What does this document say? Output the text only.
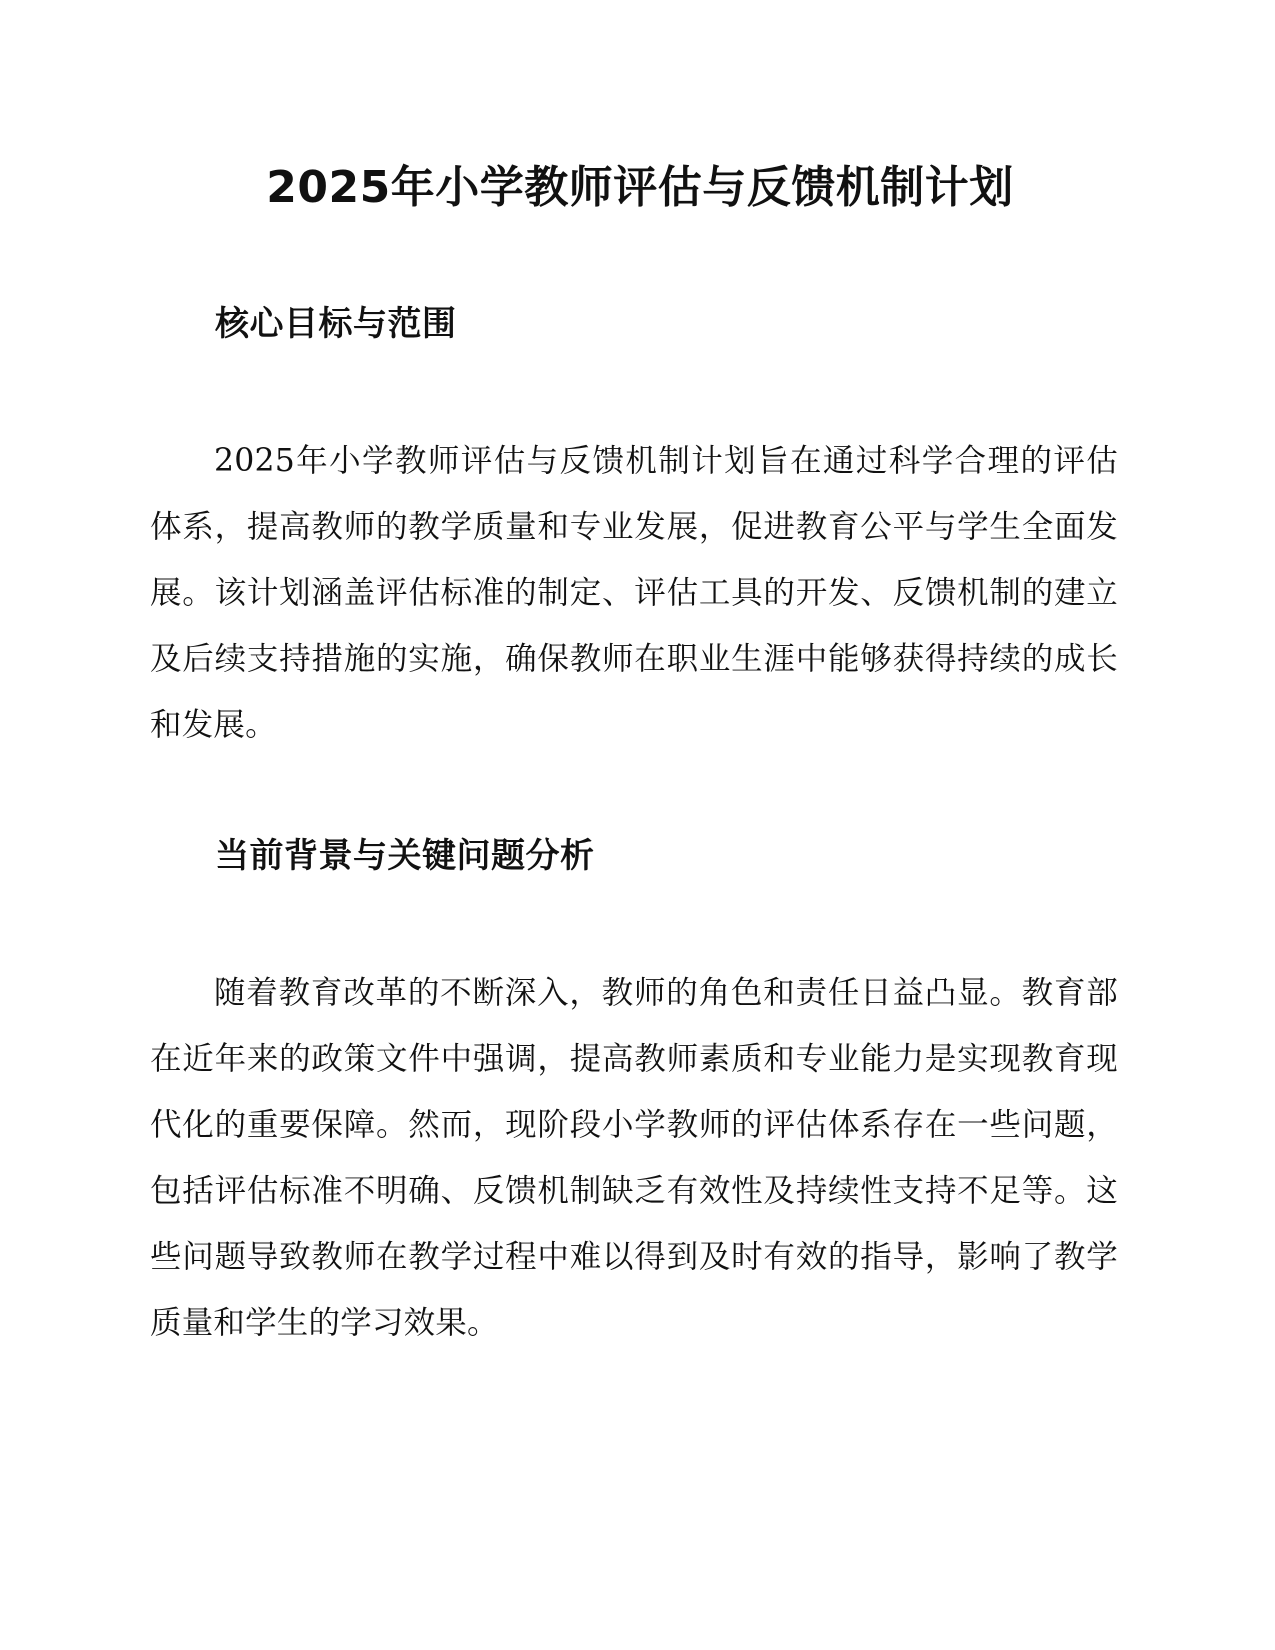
2025年小学教师评估与反馈机制计划
核心目标与范围

2025年小学教师评估与反馈机制计划旨在通过科学合理的评估体系，提高教师的教学质量和专业发展，促进教育公平与学生全面发展。该计划涵盖评估标准的制定、评估工具的开发、反馈机制的建立及后续支持措施的实施，确保教师在职业生涯中能够获得持续的成长和发展。

当前背景与关键问题分析

随着教育改革的不断深入，教师的角色和责任日益凸显。教育部在近年来的政策文件中强调，提高教师素质和专业能力是实现教育现代化的重要保障。然而，现阶段小学教师的评估体系存在一些问题，包括评估标准不明确、反馈机制缺乏有效性及持续性支持不足等。这些问题导致教师在教学过程中难以得到及时有效的指导，影响了教学质量和学生的学习效果。
